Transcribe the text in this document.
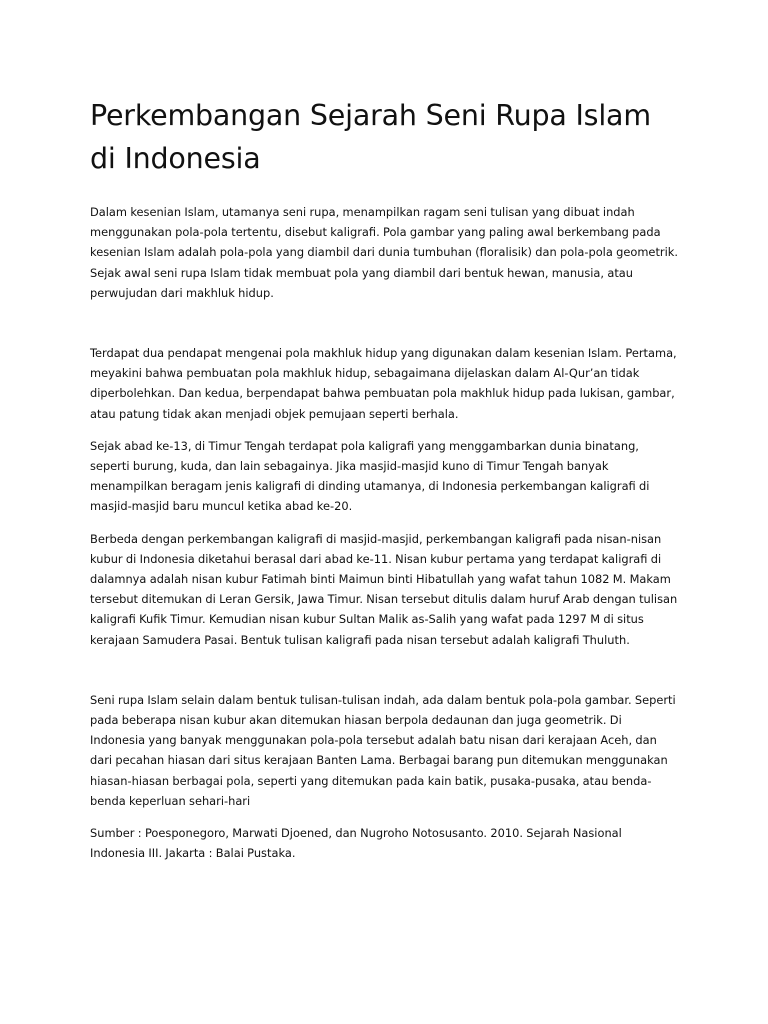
Perkembangan Sejarah Seni Rupa Islam di Indonesia

Dalam kesenian Islam, utamanya seni rupa, menampilkan ragam seni tulisan yang dibuat indah menggunakan pola-pola tertentu, disebut kaligrafi. Pola gambar yang paling awal berkembang pada kesenian Islam adalah pola-pola yang diambil dari dunia tumbuhan (floralisik) dan pola-pola geometrik. Sejak awal seni rupa Islam tidak membuat pola yang diambil dari bentuk hewan, manusia, atau perwujudan dari makhluk hidup.

Terdapat dua pendapat mengenai pola makhluk hidup yang digunakan dalam kesenian Islam. Pertama, meyakini bahwa pembuatan pola makhluk hidup, sebagaimana dijelaskan dalam Al-Qur’an tidak diperbolehkan. Dan kedua, berpendapat bahwa pembuatan pola makhluk hidup pada lukisan, gambar, atau patung tidak akan menjadi objek pemujaan seperti berhala.

Sejak abad ke-13, di Timur Tengah terdapat pola kaligrafi yang menggambarkan dunia binatang, seperti burung, kuda, dan lain sebagainya. Jika masjid-masjid kuno di Timur Tengah banyak menampilkan beragam jenis kaligrafi di dinding utamanya, di Indonesia perkembangan kaligrafi di masjid-masjid baru muncul ketika abad ke-20.

Berbeda dengan perkembangan kaligrafi di masjid-masjid, perkembangan kaligrafi pada nisan-nisan kubur di Indonesia diketahui berasal dari abad ke-11. Nisan kubur pertama yang terdapat kaligrafi di dalamnya adalah nisan kubur Fatimah binti Maimun binti Hibatullah yang wafat tahun 1082 M. Makam tersebut ditemukan di Leran Gersik, Jawa Timur. Nisan tersebut ditulis dalam huruf Arab dengan tulisan kaligrafi Kufik Timur. Kemudian nisan kubur Sultan Malik as-Salih yang wafat pada 1297 M di situs kerajaan Samudera Pasai. Bentuk tulisan kaligrafi pada nisan tersebut adalah kaligrafi Thuluth.

Seni rupa Islam selain dalam bentuk tulisan-tulisan indah, ada dalam bentuk pola-pola gambar. Seperti pada beberapa nisan kubur akan ditemukan hiasan berpola dedaunan dan juga geometrik. Di Indonesia yang banyak menggunakan pola-pola tersebut adalah batu nisan dari kerajaan Aceh, dan dari pecahan hiasan dari situs kerajaan Banten Lama. Berbagai barang pun ditemukan menggunakan hiasan-hiasan berbagai pola, seperti yang ditemukan pada kain batik, pusaka-pusaka, atau benda-benda keperluan sehari-hari

Sumber : Poesponegoro, Marwati Djoened, dan Nugroho Notosusanto. 2010. Sejarah Nasional Indonesia III. Jakarta : Balai Pustaka.
